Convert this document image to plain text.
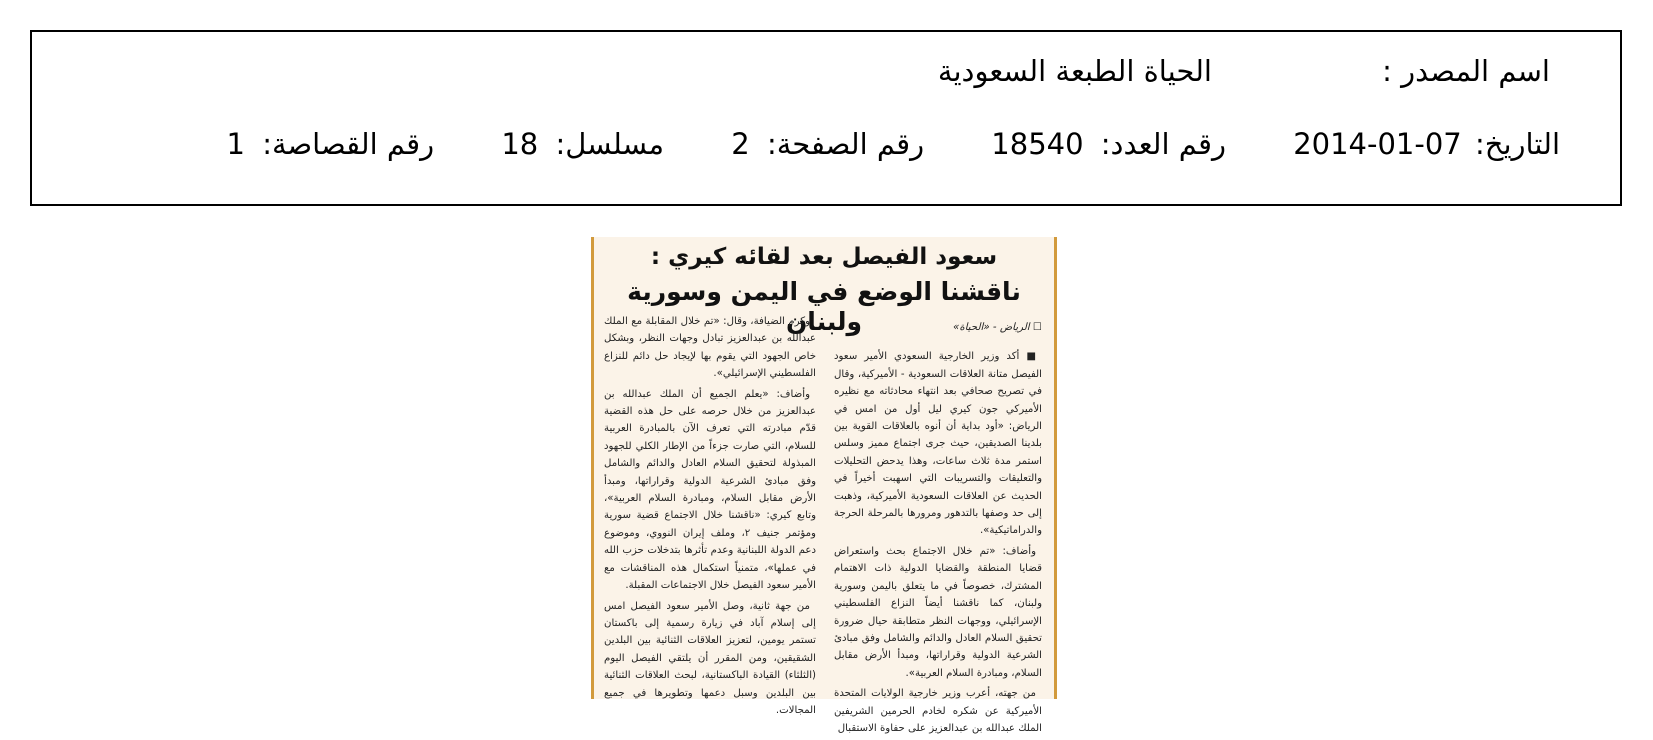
اسم المصدر :
الحياة الطبعة السعودية
التاريخ: 2014-01-07 رقم العدد: 18540 رقم الصفحة: 2 مسلسل: 18 رقم القصاصة: 1
سعود الفيصل بعد لقائه كيري :
ناقشنا الوضع في اليمن وسورية ولبنان	☐ الرياض - «الحياة»

■ أكد وزير الخارجية السعودي الأمير سعود الفيصل متانة العلاقات السعودية - الأميركية، وقال في تصريح صحافي بعد انتهاء محادثاته مع نظيره الأميركي جون كيري ليل أول من امس في الرياض: «أود بداية أن أنوه بالعلاقات القوية بين بلدينا الصديقين، حيث جرى اجتماع مميز وسلس استمر مدة ثلاث ساعات، وهذا يدحض التحليلات والتعليقات والتسريبات التي اسهبت أخيراً في الحديث عن العلاقات السعودية الأميركية، وذهبت إلى حد وصفها بالتدهور ومرورها بالمرحلة الحرجة والدراماتيكية».

وأضاف: «تم خلال الاجتماع بحث واستعراض قضايا المنطقة والقضايا الدولية ذات الاهتمام المشترك، خصوصاً في ما يتعلق باليمن وسورية ولبنان، كما ناقشنا أيضاً النزاع الفلسطيني الإسرائيلي، ووجهات النظر متطابقة حيال ضرورة تحقيق السلام العادل والدائم والشامل وفق مبادئ الشرعية الدولية وقراراتها، ومبدأ الأرض مقابل السلام، ومبادرة السلام العربية».

من جهته، أعرب وزير خارجية الولايات المتحدة الأميركية عن شكره لخادم الحرمين الشريفين الملك عبدالله بن عبدالعزيز على حفاوة الاستقبال

وكرم الضيافة، وقال: «تم خلال المقابلة مع الملك عبدالله بن عبدالعزيز تبادل وجهات النظر، وبشكل خاص الجهود التي يقوم بها لإيجاد حل دائم للنزاع الفلسطيني الإسرائيلي».

وأضاف: «يعلم الجميع أن الملك عبدالله بن عبدالعزيز من خلال حرصه على حل هذه القضية قدّم مبادرته التي تعرف الآن بالمبادرة العربية للسلام، التي صارت جزءاً من الإطار الكلي للجهود المبذولة لتحقيق السلام العادل والدائم والشامل وفق مبادئ الشرعية الدولية وقراراتها، ومبدأ الأرض مقابل السلام، ومبادرة السلام العربية»، وتابع كيري: «ناقشنا خلال الاجتماع قضية سورية ومؤتمر جنيف ٢، وملف إيران النووي، وموضوع دعم الدولة اللبنانية وعدم تأثرها بتدخلات حزب الله في عملها»، متمنياً استكمال هذه المناقشات مع الأمير سعود الفيصل خلال الاجتماعات المقبلة.

من جهة ثانية، وصل الأمير سعود الفيصل امس إلى إسلام آباد في زيارة رسمية إلى باكستان تستمر يومين، لتعزيز العلاقات الثنائية بين البلدين الشقيقين، ومن المقرر أن يلتقي الفيصل اليوم (الثلثاء) القيادة الباكستانية، لبحث العلاقات الثنائية بين البلدين وسبل دعمها وتطويرها في جميع المجالات.
